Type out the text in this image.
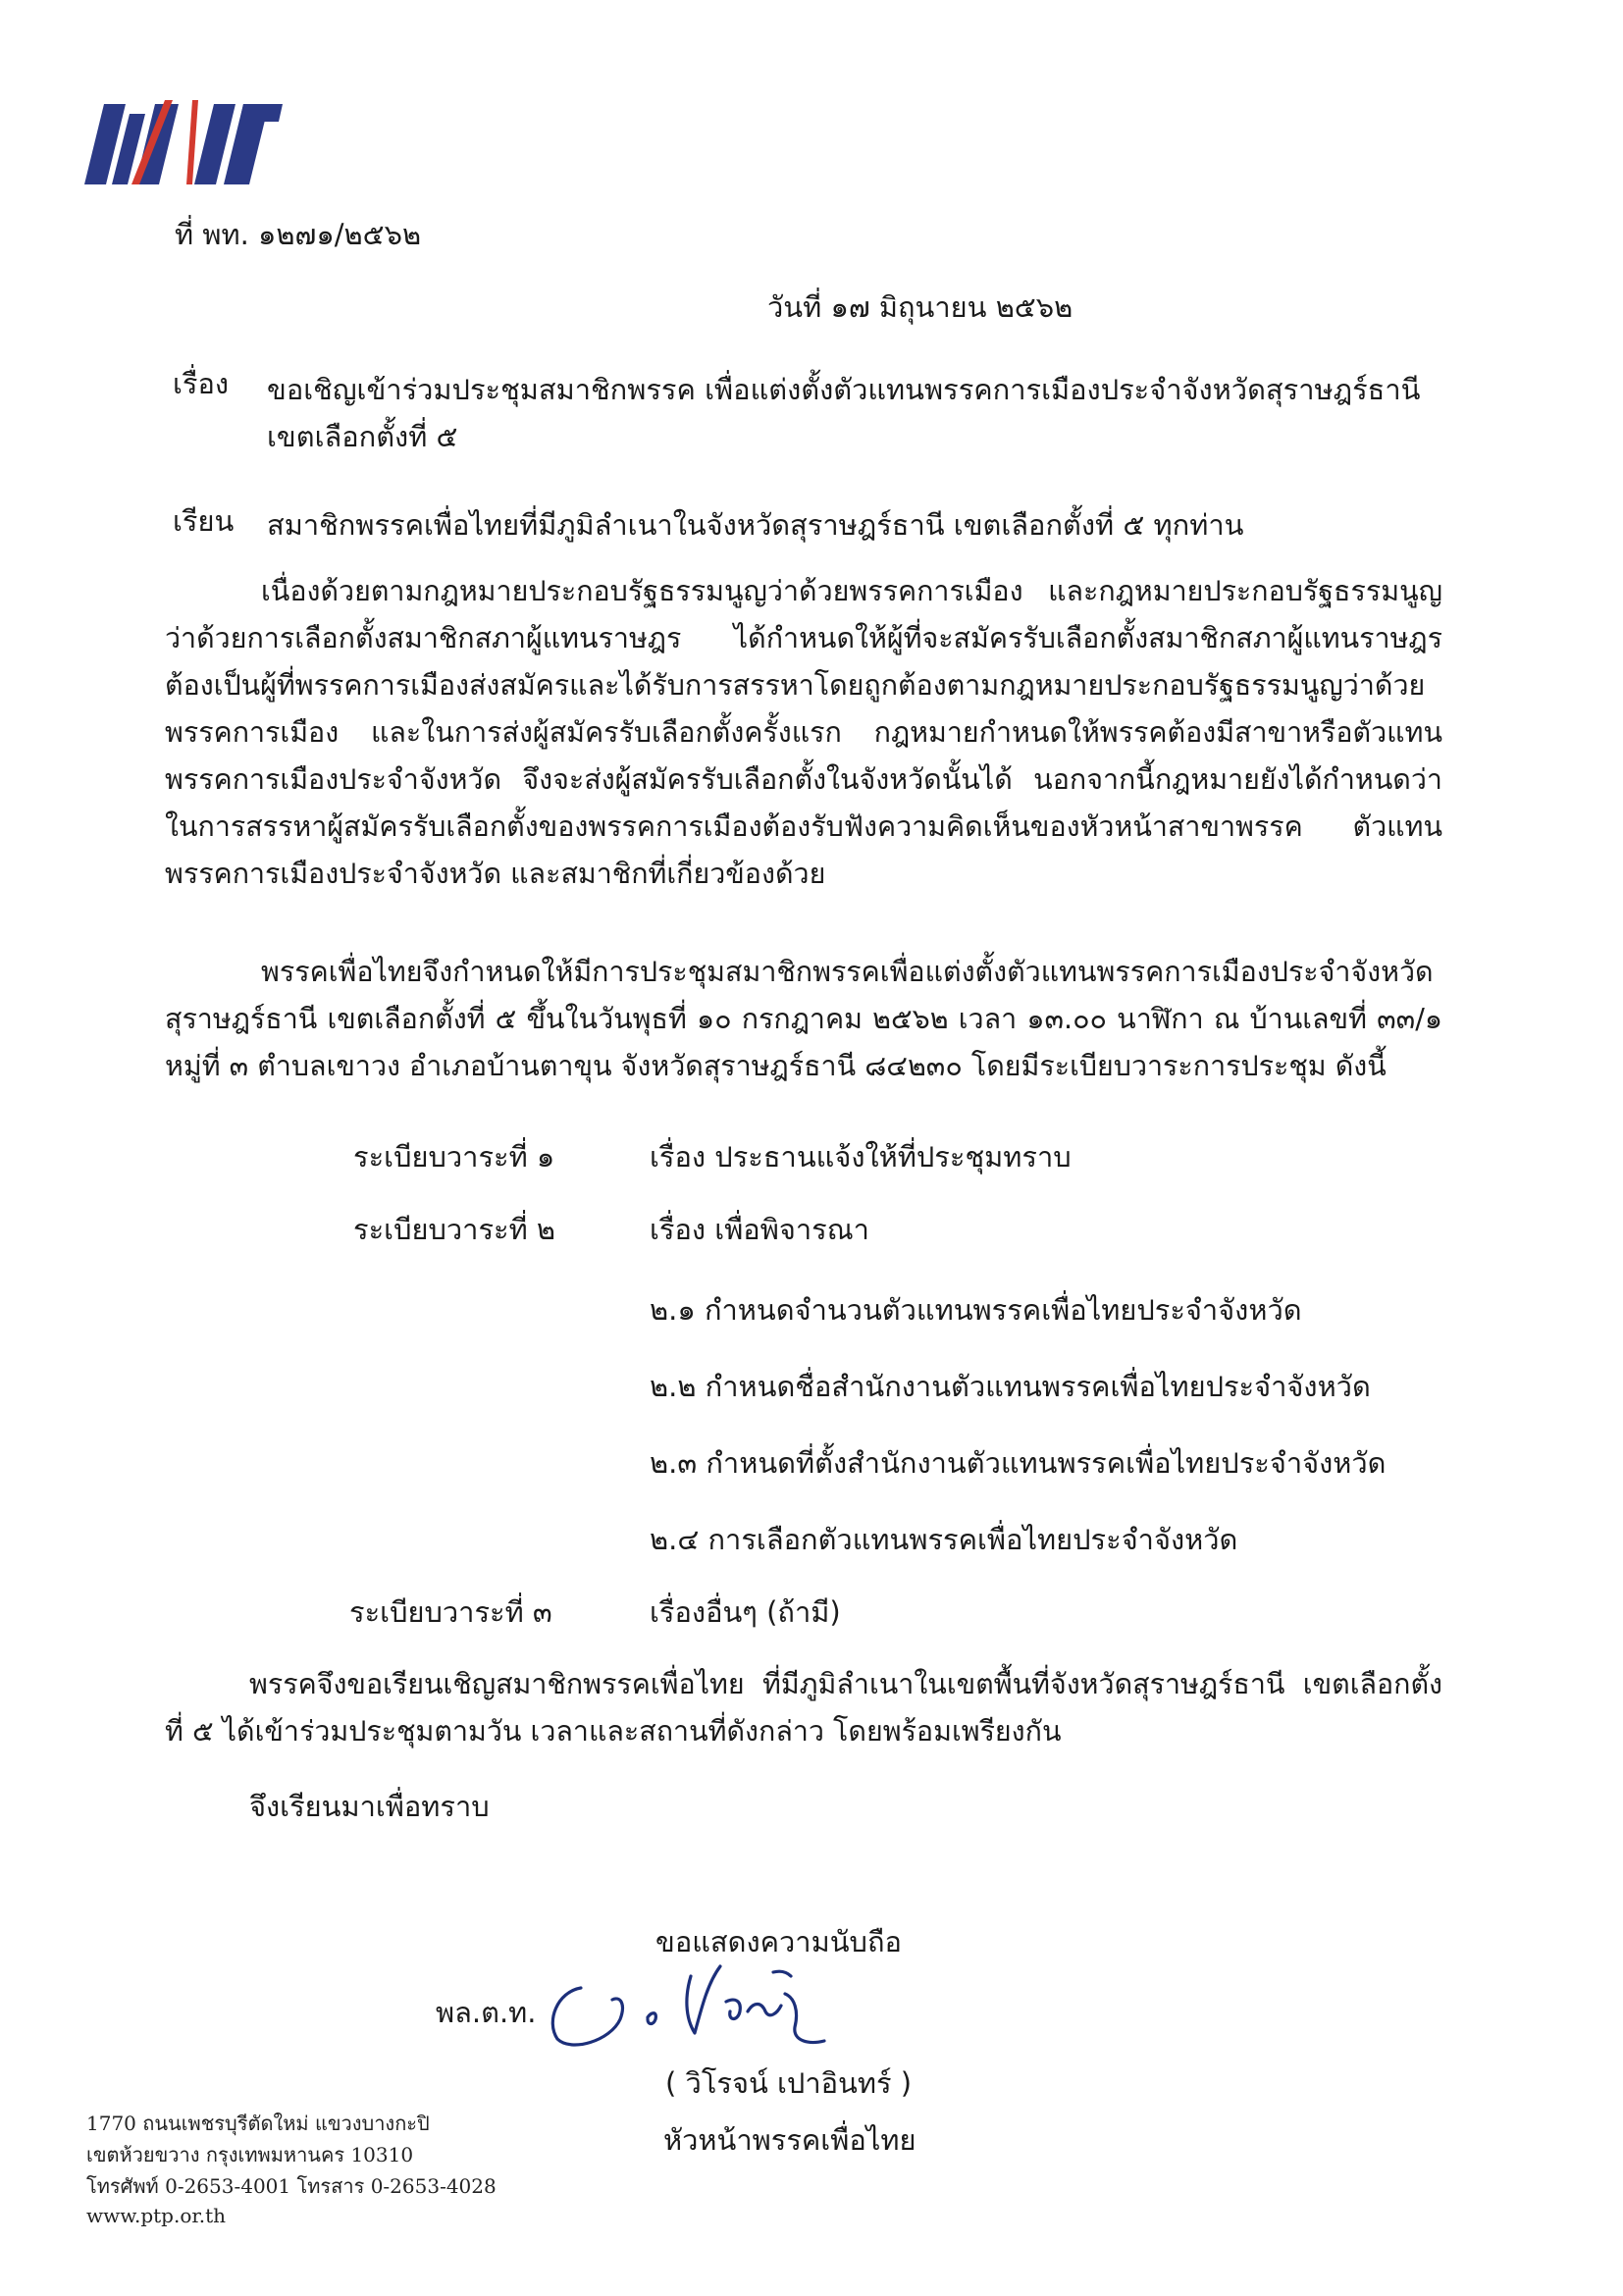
ที่ พท. ๑๒๗๑/๒๕๖๒
วันที่ ๑๗ มิถุนายน ๒๕๖๒
เรื่อง ขอเชิญเข้าร่วมประชุมสมาชิกพรรค เพื่อแต่งตั้งตัวแทนพรรคการเมืองประจำจังหวัดสุราษฎร์ธานี
เขตเลือกตั้งที่ ๕
เรียน สมาชิกพรรคเพื่อไทยที่มีภูมิลำเนาในจังหวัดสุราษฎร์ธานี เขตเลือกตั้งที่ ๕ ทุกท่าน
เนื่องด้วยตามกฎหมายประกอบรัฐธรรมนูญว่าด้วยพรรคการเมือง และกฎหมายประกอบรัฐธรรมนูญว่าด้วยการเลือกตั้งสมาชิกสภาผู้แทนราษฎร ได้กำหนดให้ผู้ที่จะสมัครรับเลือกตั้งสมาชิกสภาผู้แทนราษฎรต้องเป็นผู้ที่พรรคการเมืองส่งสมัครและได้รับการสรรหาโดยถูกต้องตามกฎหมายประกอบรัฐธรรมนูญว่าด้วยพรรคการเมือง และในการส่งผู้สมัครรับเลือกตั้งครั้งแรก กฎหมายกำหนดให้พรรคต้องมีสาขาหรือตัวแทนพรรคการเมืองประจำจังหวัด จึงจะส่งผู้สมัครรับเลือกตั้งในจังหวัดนั้นได้ นอกจากนี้กฎหมายยังได้กำหนดว่าในการสรรหาผู้สมัครรับเลือกตั้งของพรรคการเมืองต้องรับฟังความคิดเห็นของหัวหน้าสาขาพรรค ตัวแทนพรรคการเมืองประจำจังหวัด และสมาชิกที่เกี่ยวข้องด้วย
พรรคเพื่อไทยจึงกำหนดให้มีการประชุมสมาชิกพรรคเพื่อแต่งตั้งตัวแทนพรรคการเมืองประจำจังหวัดสุราษฎร์ธานี เขตเลือกตั้งที่ ๕ ขึ้นในวันพุธที่ ๑๐ กรกฎาคม ๒๕๖๒ เวลา ๑๓.๐๐ นาฬิกา ณ บ้านเลขที่ ๓๓/๑ หมู่ที่ ๓ ตำบลเขาวง อำเภอบ้านตาขุน จังหวัดสุราษฎร์ธานี ๘๔๒๓๐ โดยมีระเบียบวาระการประชุม ดังนี้
ระเบียบวาระที่ ๑	เรื่อง ประธานแจ้งให้ที่ประชุมทราบ
ระเบียบวาระที่ ๒	เรื่อง เพื่อพิจารณา
๒.๑ กำหนดจำนวนตัวแทนพรรคเพื่อไทยประจำจังหวัด
๒.๒ กำหนดชื่อสำนักงานตัวแทนพรรคเพื่อไทยประจำจังหวัด
๒.๓ กำหนดที่ตั้งสำนักงานตัวแทนพรรคเพื่อไทยประจำจังหวัด
๒.๔ การเลือกตัวแทนพรรคเพื่อไทยประจำจังหวัด
ระเบียบวาระที่ ๓	เรื่องอื่นๆ (ถ้ามี)
พรรคจึงขอเรียนเชิญสมาชิกพรรคเพื่อไทย ที่มีภูมิลำเนาในเขตพื้นที่จังหวัดสุราษฎร์ธานี เขตเลือกตั้งที่ ๕ ได้เข้าร่วมประชุมตามวัน เวลาและสถานที่ดังกล่าว โดยพร้อมเพรียงกัน
จึงเรียนมาเพื่อทราบ
ขอแสดงความนับถือ
พล.ต.ท.
( วิโรจน์ เปาอินทร์ )
หัวหน้าพรรคเพื่อไทย
1770 ถนนเพชรบุรีตัดใหม่ แขวงบางกะปิ
เขตห้วยขวาง กรุงเทพมหานคร 10310
โทรศัพท์ 0-2653-4001 โทรสาร 0-2653-4028
www.ptp.or.th
